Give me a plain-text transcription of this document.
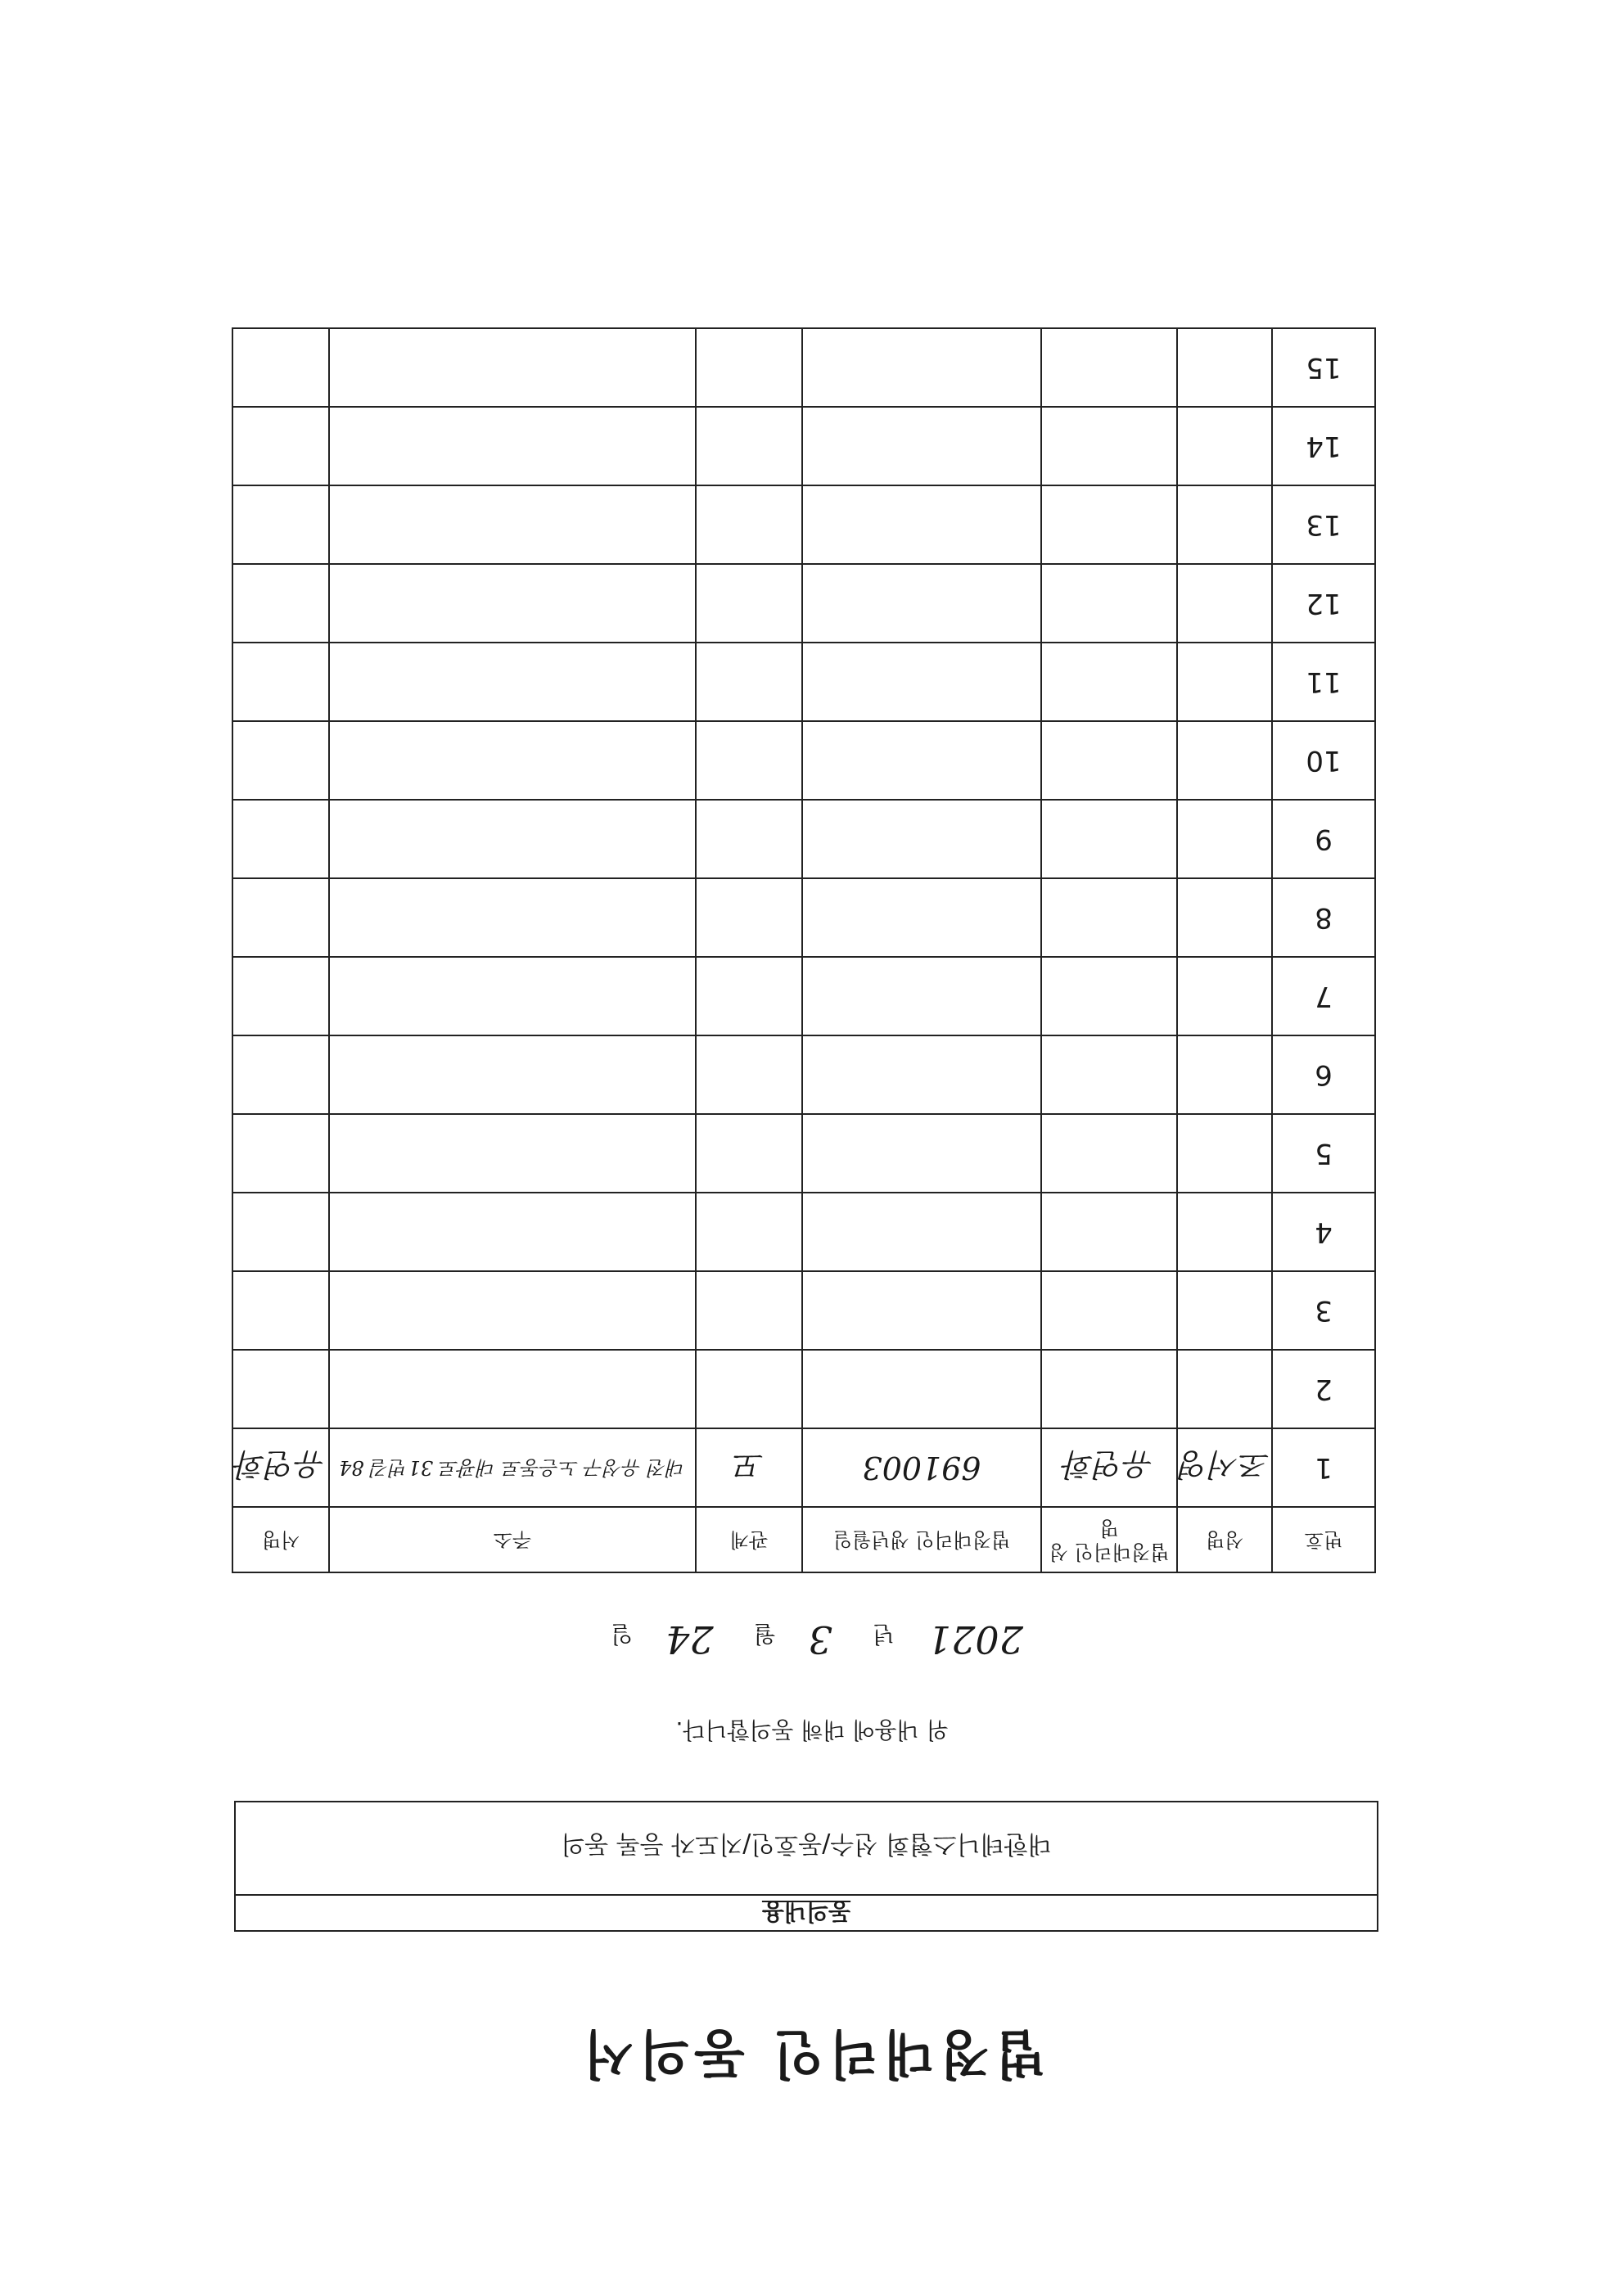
법정대리인 동의서
동의내용
대한테니스협회 선수/동호인/지도자 등록 동의
위 내용에 대해 동의합니다.
2021년 3월 24일
번호	성명	법정대리인 성명	법정대리인 생년월일	관계	주소	서명
1	조서영	유연화	691003	모	대전 유성구 노은동로 대광로 31번길 84	유연화
2						
3						
4						
5						
6						
7						
8						
9						
10						
11						
12						
13						
14						
15						
